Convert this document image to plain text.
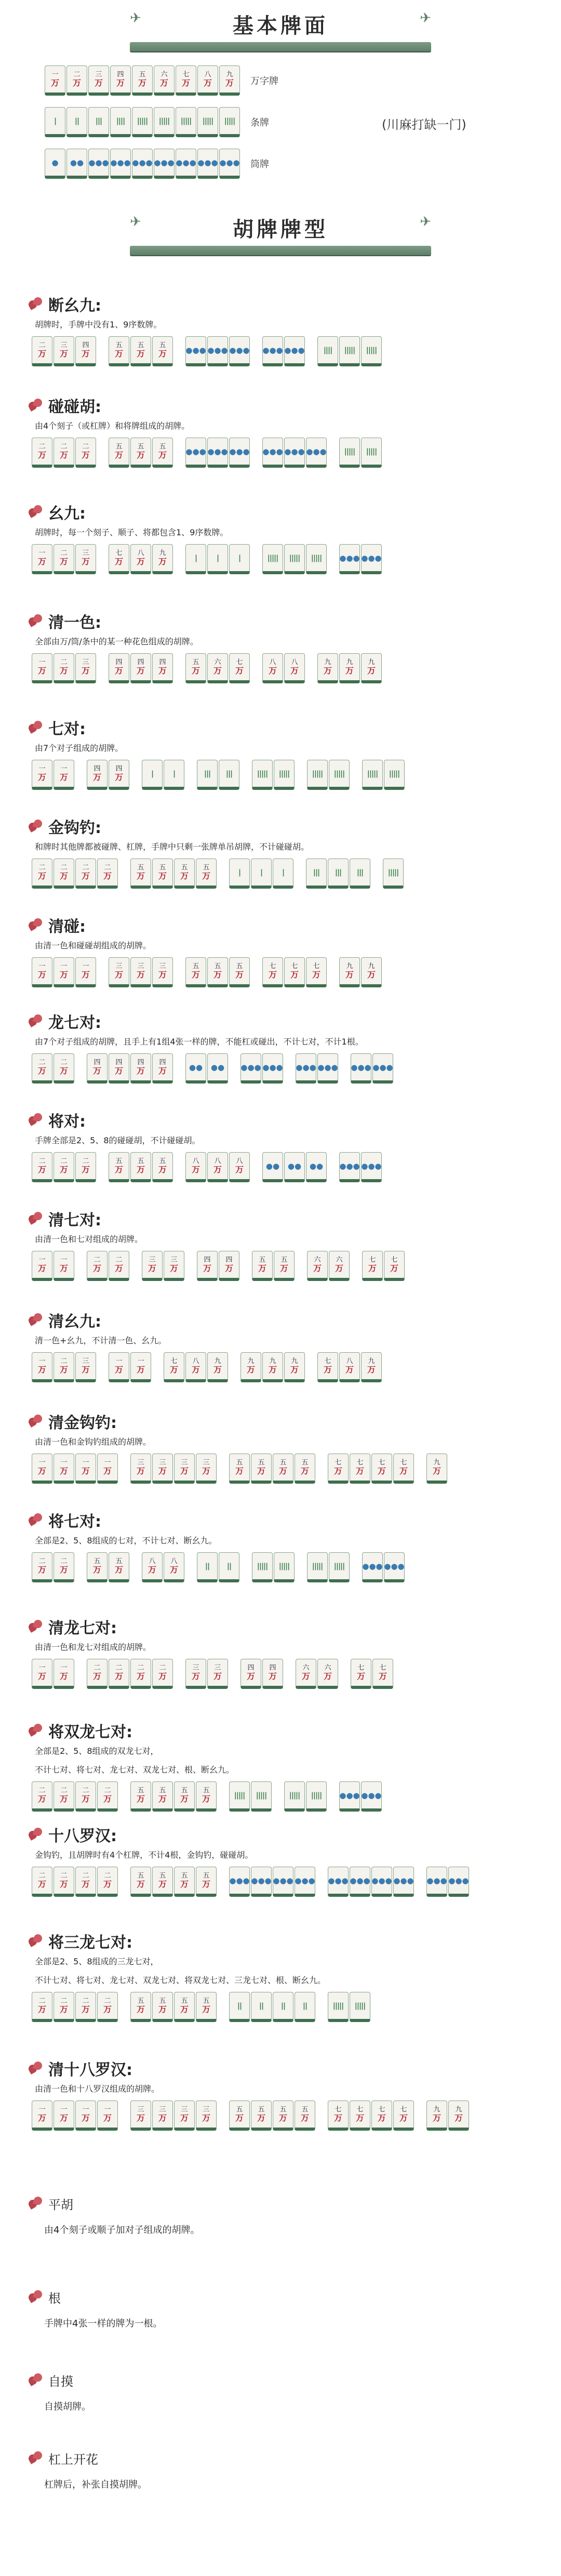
✈	基本牌面	✈
一
万
二
万
三
万
四
万
五
万
六
万
七
万
八
万
九
万 万字牌
|	|| ||| |||| ||||| ||||| ||||| ||||| ||||| 条牌
● ●● ●●● ●●● ●●● ●●● ●●● ●●● ●●● 筒牌
(川麻打缺一门)
✈	胡牌牌型	✈
断幺九:
胡牌时，手牌中没有1、9序数牌。
二
万
三
万
四
万
五
万
五
万
五
万 ●●● ●●● ●●● ●●● ●●●	|||| ||||| |||||
碰碰胡:
由4个刻子（或杠牌）和将牌组成的胡牌。
二
万
二
万
二
万
五
万
五
万
五
万 ●●● ●●● ●●● ●●● ●●● ●●● ||||| |||||
幺九:
胡牌时，每一个刻子、顺子、将都包含1、9序数牌。
一
万
二
万
三
万
七
万
八
万
九
万	|	|	|	||||| ||||| ||||| ●●● ●●●
清一色:
全部由万/筒/条中的某一种花色组成的胡牌。
一
万
二
万
三
万
四
万
四
万
四
万
五
万
六
万
七
万
八
万
八
万
九
万
九
万
九
万
七对:
由7个对子组成的胡牌。
一
万
一
万
四
万
四
万	|	|	||| |||	||||| |||||	||||| |||||	||||| |||||
金钩钓:
和牌时其他牌都被碰牌、杠牌，手牌中只剩一张牌单吊胡牌，不计碰碰胡。
二
万
二
万
二
万
二
万
五
万
五
万
五
万
五
万	|	|	|	||| ||| |||	|||||
清碰:
由清一色和碰碰胡组成的胡牌。
一
万
一
万
一
万
三
万
三
万
三
万
五
万
五
万
五
万
七
万
七
万
七
万
九
万
九
万
龙七对:
由7个对子组成的胡牌，且手上有1组4张一样的牌，不能杠或碰出，不计七对，不计1根。
二
万
二
万
四
万
四
万
四
万
四
万	●● ●● ●●● ●●● ●●● ●●● ●●● ●●●
将对:
手牌全部是2、5、8的碰碰胡，不计碰碰胡。
二
万
二
万
二
万
五
万
五
万
五
万
八
万
八
万
八
万	●● ●● ●● ●●● ●●●
清七对:
由清一色和七对组成的胡牌。
一
万
一
万
二
万
二
万
三
万
三
万
四
万
四
万
五
万
五
万
六
万
六
万
七
万
七
万
清幺九:
清一色+幺九，不计清一色、幺九。
一
万
二
万
三
万
一
万
一
万
七
万
八
万
九
万
九
万
九
万
九
万
七
万
八
万
九
万
清金钩钓:
由清一色和金钩钓组成的胡牌。
一
万
一
万
一
万
一
万
三
万
三
万
三
万
三
万
五
万
五
万
五
万
五
万
七
万
七
万
七
万
七
万
九
万
将七对:
全部是2、5、8组成的七对，不计七对、断幺九。
二
万
二
万
五
万
五
万
八
万
八
万	|| ||	||||| |||||	||||| ||||| ●●● ●●●
清龙七对:
由清一色和龙七对组成的胡牌。
一
万
一
万
二
万
二
万
二
万
二
万
三
万
三
万
四
万
四
万
六
万
六
万
七
万
七
万
将双龙七对:
全部是2、5、8组成的双龙七对，
不计七对、将七对、龙七对、双龙七对、根、断幺九。
二
万
二
万
二
万
二
万
五
万
五
万
五
万
五
万	||||| |||||	||||| ||||| ●●● ●●●
十八罗汉:
金钩钓，且胡牌时有4个杠牌，不计4根，金钩钓，碰碰胡。
二
万
二
万
二
万
二
万
五
万
五
万
五
万
五
万 ●●● ●●● ●●● ●●● ●●● ●●● ●●● ●●● ●●● ●●●
将三龙七对:
全部是2、5、8组成的三龙七对，
不计七对、将七对、龙七对、双龙七对、将双龙七对、三龙七对、根、断幺九。
二
万
二
万
二
万
二
万
五
万
五
万
五
万
五
万	|| || || ||	||||| |||||
清十八罗汉:
由清一色和十八罗汉组成的胡牌。
一
万
一
万
一
万
一
万
三
万
三
万
三
万
三
万
五
万
五
万
五
万
五
万
七
万
七
万
七
万
七
万
九
万
九
万
平胡
由4个刻子或顺子加对子组成的胡牌。
根
手牌中4张一样的牌为一根。
自摸
自摸胡牌。
杠上开花
杠牌后，补张自摸胡牌。
